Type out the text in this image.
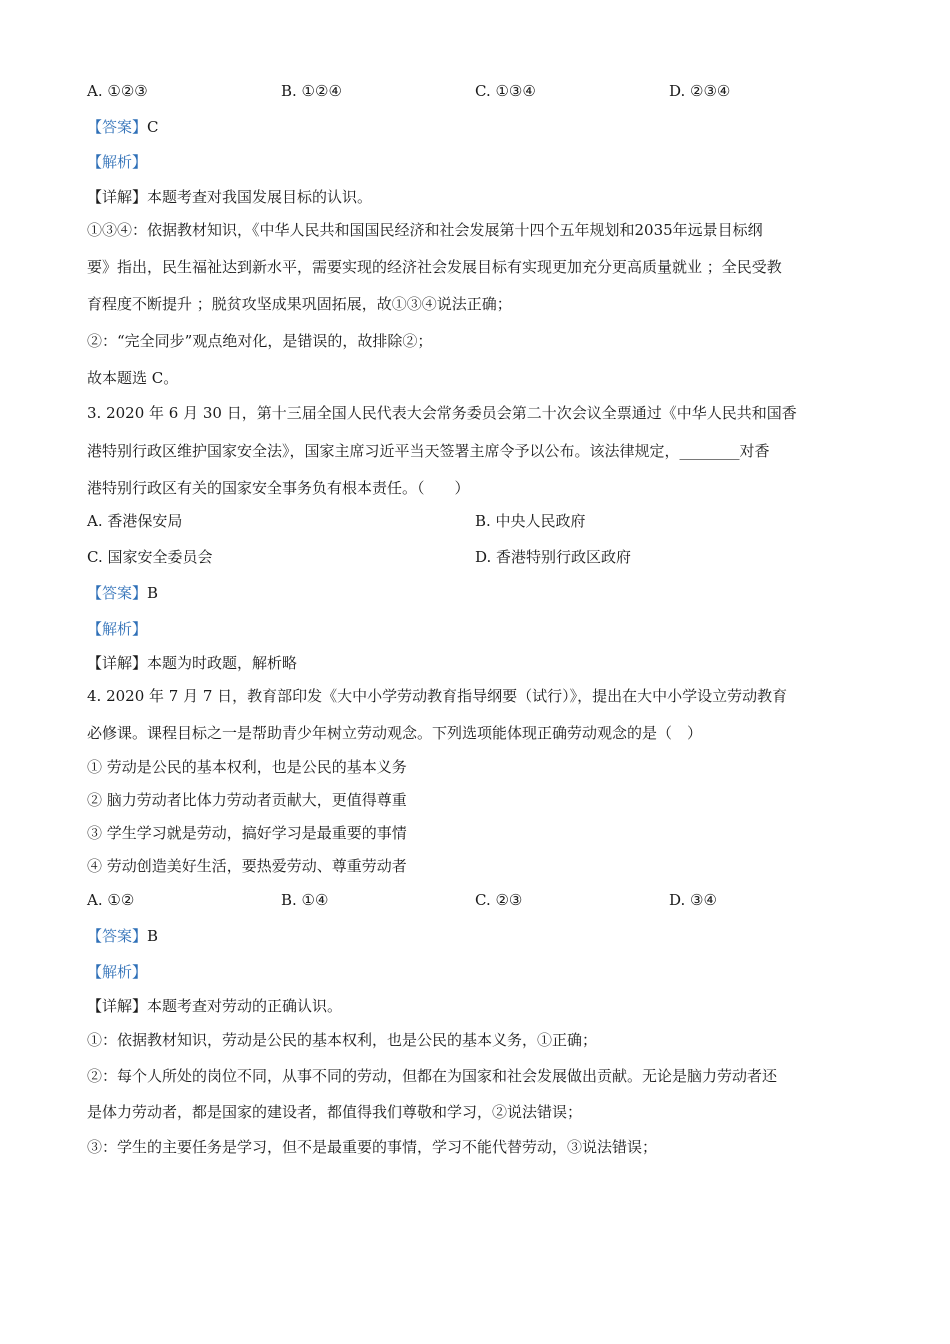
A. ①②③	B. ①②④	C. ①③④	D. ②③④
【答案】C
【解析】
【详解】本题考查对我国发展目标的认识。
①③④：依据教材知识，《中华人民共和国国民经济和社会发展第十四个五年规划和2035年远景目标纲
要》指出，民生福祉达到新水平，需要实现的经济社会发展目标有实现更加充分更高质量就业 ；全民受教
育程度不断提升 ；脱贫攻坚成果巩固拓展，故①③④说法正确；
②：“完全同步”观点绝对化，是错误的，故排除②；
故本题选 C。
3. 2020 年 6 月 30 日，第十三届全国人民代表大会常务委员会第二十次会议全票通过《中华人民共和国香
港特别行政区维护国家安全法》，国家主席习近平当天签署主席令予以公布。该法律规定，________对香
港特别行政区有关的国家安全事务负有根本责任。（　　）
A. 香港保安局	B. 中央人民政府
C. 国家安全委员会	D. 香港特别行政区政府
【答案】B
【解析】
【详解】本题为时政题，解析略
4. 2020 年 7 月 7 日，教育部印发《大中小学劳动教育指导纲要（试行）》，提出在大中小学设立劳动教育
必修课。课程目标之一是帮助青少年树立劳动观念。下列选项能体现正确劳动观念的是（　）
① 劳动是公民的基本权利，也是公民的基本义务
② 脑力劳动者比体力劳动者贡献大，更值得尊重
③ 学生学习就是劳动，搞好学习是最重要的事情
④ 劳动创造美好生活，要热爱劳动、尊重劳动者
A. ①②	B. ①④	C. ②③	D. ③④
【答案】B
【解析】
【详解】本题考查对劳动的正确认识。
①：依据教材知识，劳动是公民的基本权利，也是公民的基本义务，①正确；
②：每个人所处的岗位不同，从事不同的劳动，但都在为国家和社会发展做出贡献。无论是脑力劳动者还
是体力劳动者，都是国家的建设者，都值得我们尊敬和学习，②说法错误；
③：学生的主要任务是学习，但不是最重要的事情，学习不能代替劳动，③说法错误；
